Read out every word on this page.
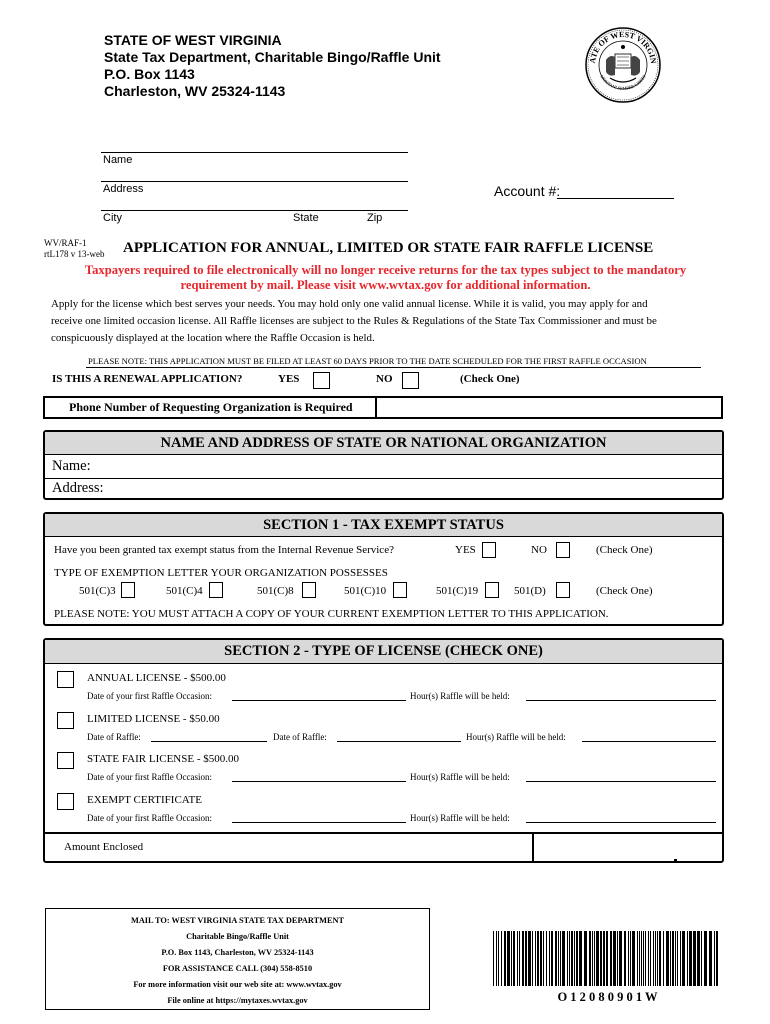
STATE OF WEST VIRGINIA
State Tax Department, Charitable Bingo/Raffle Unit
P.O. Box 1143
Charleston, WV 25324-1143
ATE OF WEST VIRGIN
MONTANI SEMPER LIBERI
Name
Address
City	State	Zip
Account #:
WV/RAF-1
rtL178 v 13-web APPLICATION FOR ANNUAL, LIMITED OR STATE FAIR RAFFLE LICENSE
Taxpayers required to file electronically will no longer receive returns for the tax types subject to the mandatory
requirement by mail. Please visit www.wvtax.gov for additional information.
Apply for the license which best serves your needs. You may hold only one valid annual license. While it is valid, you may apply for and
receive one limited occasion license. All Raffle licenses are subject to the Rules & Regulations of the State Tax Commissioner and must be
conspicuously displayed at the location where the Raffle Occasion is held.
PLEASE NOTE: THIS APPLICATION MUST BE FILED AT LEAST 60 DAYS PRIOR TO THE DATE SCHEDULED FOR THE FIRST RAFFLE OCCASION
IS THIS A RENEWAL APPLICATION?	YES	NO	(Check One)
Phone Number of Requesting Organization is Required
NAME AND ADDRESS OF STATE OR NATIONAL ORGANIZATION
Name:
Address:
SECTION 1 - TAX EXEMPT STATUS
Have you been granted tax exempt status from the Internal Revenue Service?	YES	NO	(Check One)
TYPE OF EXEMPTION LETTER YOUR ORGANIZATION POSSESSES
501(C)3	501(C)4	501(C)8	501(C)10	501(C)19	501(D)	(Check One)
PLEASE NOTE: YOU MUST ATTACH A COPY OF YOUR CURRENT EXEMPTION LETTER TO THIS APPLICATION.
SECTION 2 - TYPE OF LICENSE (CHECK ONE)
ANNUAL LICENSE - $500.00
Date of your first Raffle Occasion:	Hour(s) Raffle will be held:
LIMITED LICENSE - $50.00
Date of Raffle:	Date of Raffle:	Hour(s) Raffle will be held:
STATE FAIR LICENSE - $500.00
Date of your first Raffle Occasion:	Hour(s) Raffle will be held:
EXEMPT CERTIFICATE
Date of your first Raffle Occasion:	Hour(s) Raffle will be held:
Amount Enclosed
MAIL TO: WEST VIRGINIA STATE TAX DEPARTMENT
Charitable Bingo/Raffle Unit
P.O. Box 1143, Charleston, WV 25324-1143
FOR ASSISTANCE CALL (304) 558-8510
For more information visit our web site at: www.wvtax.gov
File online at https://mytaxes.wvtax.gov	O 1 2 0 8 0 9 0 1 W
